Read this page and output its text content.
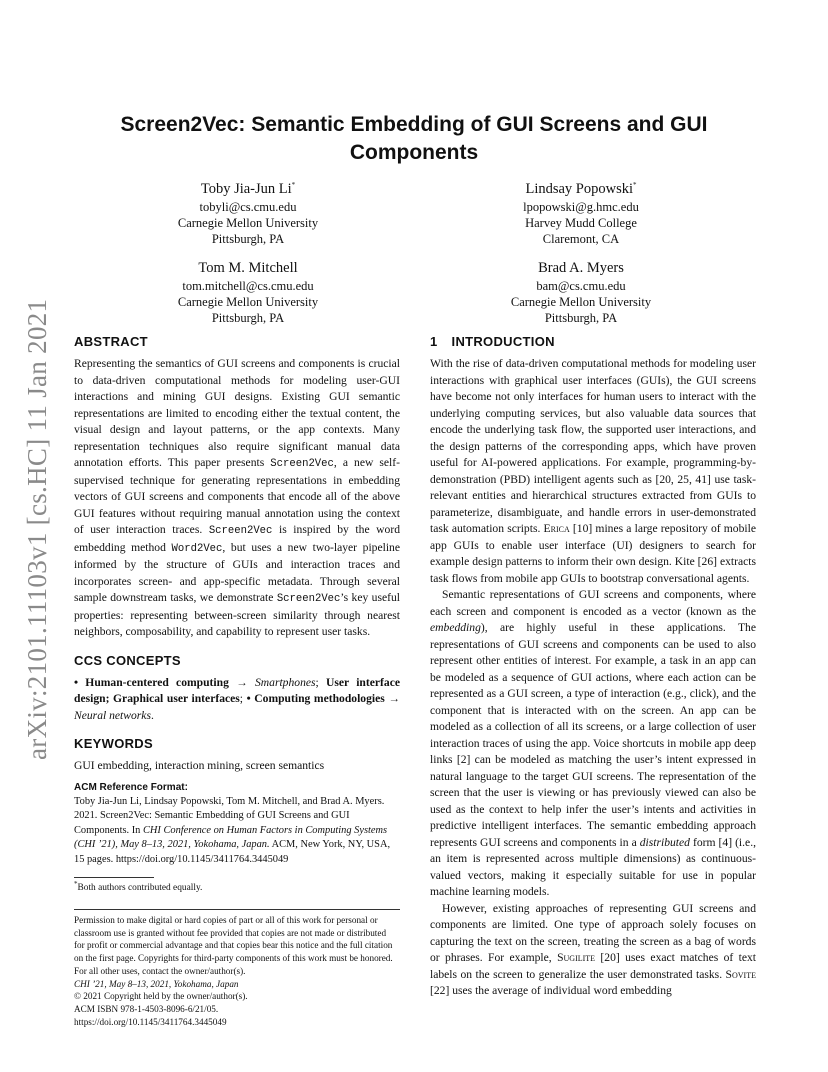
arXiv:2101.11103v1 [cs.HC] 11 Jan 2021
Screen2Vec: Semantic Embedding of GUI Screens and GUI Components
Toby Jia-Jun Li*
tobyli@cs.cmu.edu
Carnegie Mellon University
Pittsburgh, PA
Lindsay Popowski*
lpopowski@g.hmc.edu
Harvey Mudd College
Claremont, CA
Tom M. Mitchell
tom.mitchell@cs.cmu.edu
Carnegie Mellon University
Pittsburgh, PA
Brad A. Myers
bam@cs.cmu.edu
Carnegie Mellon University
Pittsburgh, PA
ABSTRACT

Representing the semantics of GUI screens and components is crucial to data-driven computational methods for modeling user-GUI interactions and mining GUI designs. Existing GUI semantic representations are limited to encoding either the textual content, the visual design and layout patterns, or the app contexts. Many representation techniques also require significant manual data annotation efforts. This paper presents Screen2Vec, a new self-supervised technique for generating representations in embedding vectors of GUI screens and components that encode all of the above GUI features without requiring manual annotation using the context of user interaction traces. Screen2Vec is inspired by the word embedding method Word2Vec, but uses a new two-layer pipeline informed by the structure of GUIs and interaction traces and incorporates screen- and app-specific metadata. Through several sample downstream tasks, we demonstrate Screen2Vec’s key useful properties: representing between-screen similarity through nearest neighbors, composability, and capability to represent user tasks.

CCS CONCEPTS

• Human-centered computing → Smartphones; User interface design; Graphical user interfaces; • Computing methodologies → Neural networks.

KEYWORDS

GUI embedding, interaction mining, screen semantics

ACM Reference Format:
Toby Jia-Jun Li, Lindsay Popowski, Tom M. Mitchell, and Brad A. Myers. 2021. Screen2Vec: Semantic Embedding of GUI Screens and GUI Components. In CHI Conference on Human Factors in Computing Systems (CHI ’21), May 8–13, 2021, Yokohama, Japan. ACM, New York, NY, USA, 15 pages. https://doi.org/10.1145/3411764.3445049
*Both authors contributed equally.
Permission to make digital or hard copies of part or all of this work for personal or
classroom use is granted without fee provided that copies are not made or distributed
for profit or commercial advantage and that copies bear this notice and the full citation
on the first page. Copyrights for third-party components of this work must be honored.
For all other uses, contact the owner/author(s).
CHI ’21, May 8–13, 2021, Yokohama, Japan
© 2021 Copyright held by the owner/author(s).
ACM ISBN 978-1-4503-8096-6/21/05.
https://doi.org/10.1145/3411764.3445049
1 INTRODUCTION

With the rise of data-driven computational methods for modeling user interactions with graphical user interfaces (GUIs), the GUI screens have become not only interfaces for human users to interact with the underlying computing services, but also valuable data sources that encode the underlying task flow, the supported user interactions, and the design patterns of the corresponding apps, which have proven useful for AI-powered applications. For example, programming-by-demonstration (PBD) intelligent agents such as [20, 25, 41] use task-relevant entities and hierarchical structures extracted from GUIs to parameterize, disambiguate, and handle errors in user-demonstrated task automation scripts. Erica [10] mines a large repository of mobile app GUIs to enable user interface (UI) designers to search for example design patterns to inform their own design. Kite [26] extracts task flows from mobile app GUIs to bootstrap conversational agents.

Semantic representations of GUI screens and components, where each screen and component is encoded as a vector (known as the embedding), are highly useful in these applications. The representations of GUI screens and components can be used to also represent other entities of interest. For example, a task in an app can be modeled as a sequence of GUI actions, where each action can be represented as a GUI screen, a type of interaction (e.g., click), and the component that is interacted with on the screen. An app can be modeled as a collection of all its screens, or a large collection of user interaction traces of using the app. Voice shortcuts in mobile app deep links [2] can be modeled as matching the user’s intent expressed in natural language to the target GUI screens. The representation of the screen that the user is viewing or has previously viewed can also be used as the context to help infer the user’s intents and activities in predictive intelligent interfaces. The semantic embedding approach represents GUI screens and components in a distributed form [4] (i.e., an item is represented across multiple dimensions) as continuous-valued vectors, making it especially suitable for use in popular machine learning models.

However, existing approaches of representing GUI screens and components are limited. One type of approach solely focuses on capturing the text on the screen, treating the screen as a bag of words or phrases. For example, Sugilite [20] uses exact matches of text labels on the screen to generalize the user demonstrated tasks. Sovite [22] uses the average of individual word embedding
